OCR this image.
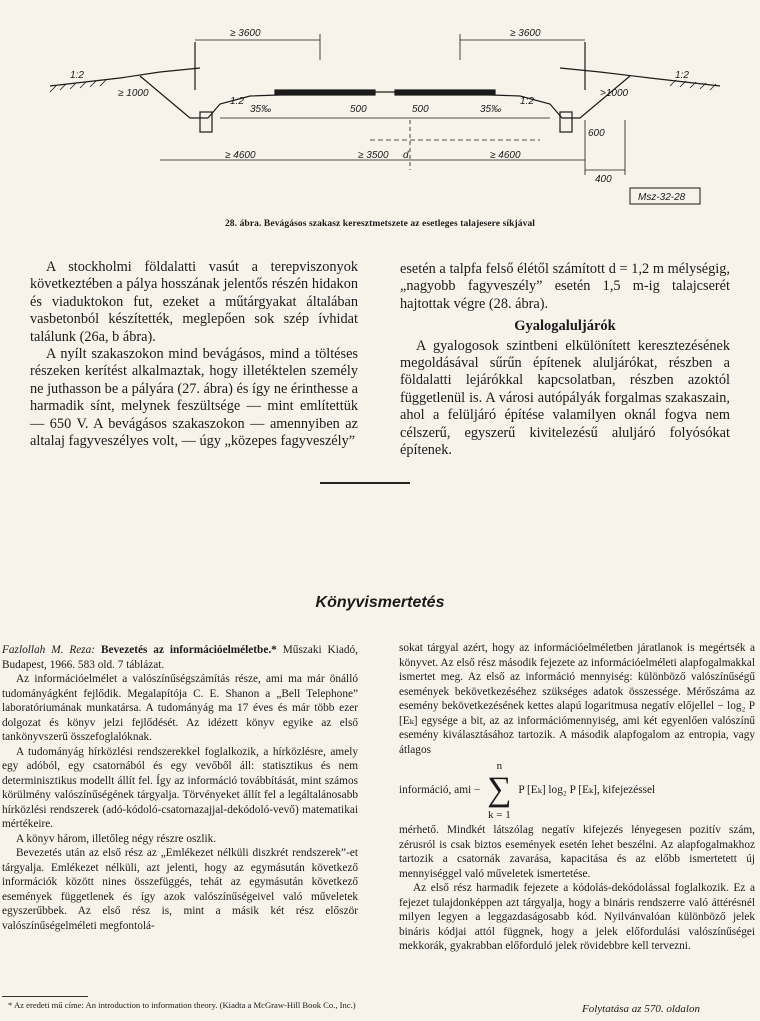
≥ 3600	≥ 3600
≥ 1000	>1000
1:2
1:2	1:2
1:2
35‰	35‰
500	500
600
≥ 4600	≥ 3500	≥ 4600
400
d
Msz-32-28
28. ábra. Bevágásos szakasz keresztmetszete az esetleges talajesere síkjával

A stockholmi földalatti vasút a terepviszonyok következtében a pálya hosszának jelentős részén hidakon és viaduktokon fut, ezeket a műtárgyakat általában vasbetonból készítették, meglepően sok szép ívhidat találunk (26a, b ábra).

A nyílt szakaszokon mind bevágásos, mind a töltéses részeken kerítést alkalmaztak, hogy illetéktelen személy ne juthasson be a pályára (27. ábra) és így ne érinthesse a harmadik sínt, melynek feszültsége — mint említettük — 650 V. A bevágásos szakaszokon — amennyiben az altalaj fagyveszélyes volt, — úgy „közepes fagyveszély”

esetén a talpfa felső élétől számított d = 1,2 m mélységig, „nagyobb fagyveszély” esetén 1,5 m-ig talajcserét hajtottak végre (28. ábra).

Gyalogaluljárók

A gyalogosok szintbeni elkülönített keresztezésének megoldásával sűrűn építenek aluljárókat, részben a földalatti lejárókkal kapcsolatban, részben azoktól függetlenül is. A városi autópályák forgalmas szakaszain, ahol a felüljáró építése valamilyen oknál fogva nem célszerű, egyszerű kivitelezésű aluljáró folyósókat építenek.

Könyvismertetés

Fazlollah M. Reza: Bevezetés az információelméletbe.* Műszaki Kiadó, Budapest, 1966. 583 old. 7 táblázat.

Az információelmélet a valószínűségszámítás része, ami ma már önálló tudományágként fejlődik. Megalapítója C. E. Shanon a „Bell Telephone” laboratóriumának munkatársa. A tudományág ma 17 éves és már több ezer dolgozat és könyv jelzi fejlődését. Az idézett könyv egyike az első tankönyvszerű összefoglalóknak.

A tudományág hírközlési rendszerekkel foglalkozik, a hírközlésre, amely egy adóból, egy csatornából és egy vevőből áll: statisztikus és nem determinisztikus modellt állít fel. Így az információ továbbítását, mint számos körülmény valószínűségének tárgyalja. Törvényeket állít fel a legáltalánosabb hírközlési rendszerek (adó-kódoló-csatornazajjal-dekódoló-vevő) matematikai mértékeire.

A könyv három, illetőleg négy részre oszlik.

Bevezetés után az első rész az „Emlékezet nélküli diszkrét rendszerek”-et tárgyalja. Emlékezet nélküli, azt jelenti, hogy az egymásután következő információk között nines összefüggés, tehát az egymásután következő események függetlenek és így azok valószínűségeivel való műveletek egyszerűbbek. Az első rész is, mint a másik két rész először valószínűségelméleti megfontolá-

sokat tárgyal azért, hogy az információelméletben járatlanok is megértsék a könyvet. Az első rész második fejezete az információelméleti alapfogalmakkal ismertet meg. Az első az információ mennyiség: különböző valószínűségű események bekövetkezéséhez szükséges adatok összessége. Mérőszáma az esemény bekövetkezésének kettes alapú logaritmusa negatív előjellel − log₂ P [Eₖ] egysége a bit, az az információmennyiség, ami két egyenlően valószínű esemény kiválasztásához tartozik. A második alapfogalom az entropia, vagy átlagos

információ, ami
−
n
∑
k = 1
P [Eₖ] log₂ P [Eₖ],
kifejezéssel

mérhető. Mindkét látszólag negatív kifejezés lényegesen pozitív szám, zérusról is csak biztos események esetén lehet beszélni. Az alapfogalmakhoz tartozik a csatornák zavarása, kapacitása és az előbb ismertetett új mennyiséggel való műveletek ismertetése.

Az első rész harmadik fejezete a kódolás-dekódolással foglalkozik. Ez a fejezet tulajdonképpen azt tárgyalja, hogy a bináris rendszerre való áttérésnél milyen legyen a leggazdaságosabb kód. Nyilvánvalóan különböző jelek bináris kódjai attól függnek, hogy a jelek előfordulási valószínűségei mekkorák, gyakrabban előforduló jelek rövidebbre kell tervezni.

* Az eredeti mű címe: An introduction to information theory. (Kiadta a McGraw-Hill Book Co., Inc.)	Folytatása az 570. oldalon
